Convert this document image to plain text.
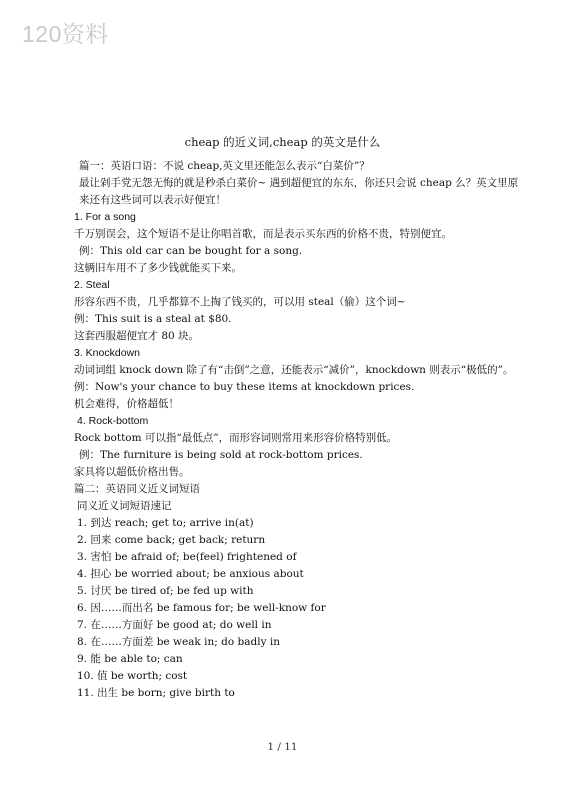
120资料
cheap 的近义词,cheap 的英文是什么
篇一：英语口语：不说 cheap,英文里还能怎么表示“白菜价”？
最让剁手党无怨无悔的就是秒杀白菜价~ 遇到超便宜的东东，你还只会说 cheap 么？英文里原来还有这些词可以表示好便宜！
1. For a song
千万别误会，这个短语不是让你唱首歌，而是表示买东西的价格不贵，特别便宜。
例：This old car can be bought for a song.
这辆旧车用不了多少钱就能买下来。
2. Steal
形容东西不贵，几乎都算不上掏了钱买的，可以用 steal（偷）这个词~
例：This suit is a steal at $80.
这套西服超便宜才 80 块。
3. Knockdown
动词词组 knock down 除了有“击倒”之意，还能表示“减价”，knockdown 则表示“极低的”。
例：Now's your chance to buy these items at knockdown prices.
机会难得，价格超低！
4. Rock-bottom
Rock bottom 可以指“最低点”，而形容词则常用来形容价格特别低。
例：The furniture is being sold at rock-bottom prices.
家具将以超低价格出售。
篇二：英语同义近义词短语
同义近义词短语速记
1. 到达 reach; get to; arrive in(at)
2. 回来 come back; get back; return
3. 害怕 be afraid of; be(feel) frightened of
4. 担心 be worried about; be anxious about
5. 讨厌 be tired of; be fed up with
6. 因……而出名 be famous for; be well-know for
7. 在……方面好 be good at; do well in
8. 在……方面差 be weak in; do badly in
9. 能 be able to; can
10. 值 be worth; cost
11. 出生 be born; give birth to
1 / 11
